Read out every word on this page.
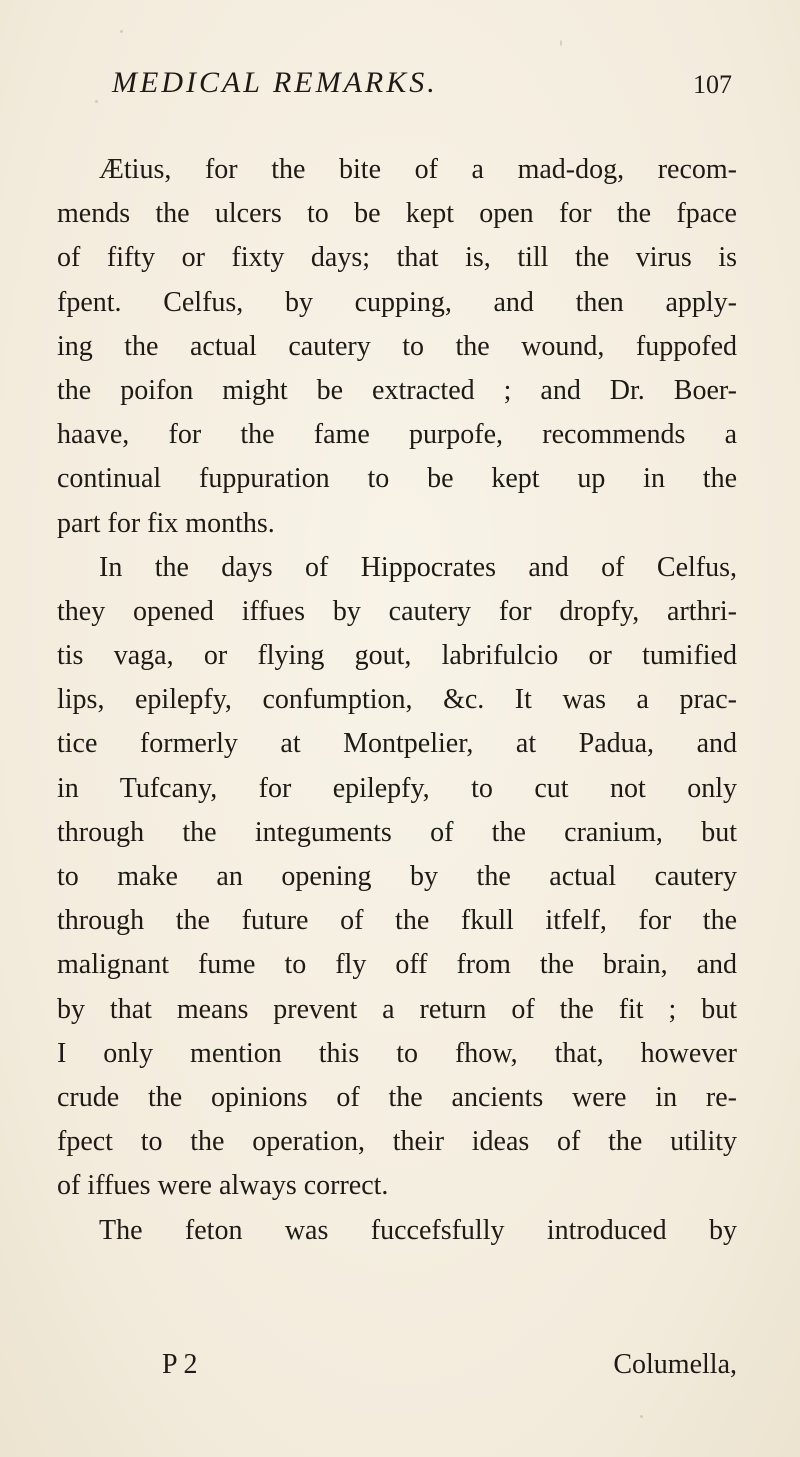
MEDICAL REMARKS.	107
Ætius, for the bite of a mad-dog, recom-
mends the ulcers to be kept open for the fpace
of fifty or fixty days; that is, till the virus is
fpent. Celfus, by cupping, and then apply-
ing the actual cautery to the wound, fuppofed
the poifon might be extracted ; and Dr. Boer-
haave, for the fame purpofe, recommends a
continual fuppuration to be kept up in the
part for fix months.
In the days of Hippocrates and of Celfus,
they opened iffues by cautery for dropfy, arthri-
tis vaga, or flying gout, labrifulcio or tumified
lips, epilepfy, confumption, &c. It was a prac-
tice formerly at Montpelier, at Padua, and
in Tufcany, for epilepfy, to cut not only
through the integuments of the cranium, but
to make an opening by the actual cautery
through the future of the fkull itfelf, for the
malignant fume to fly off from the brain, and
by that means prevent a return of the fit ; but
I only mention this to fhow, that, however
crude the opinions of the ancients were in re-
fpect to the operation, their ideas of the utility
of iffues were always correct.
The feton was fuccefsfully introduced by
P 2	Columella,
